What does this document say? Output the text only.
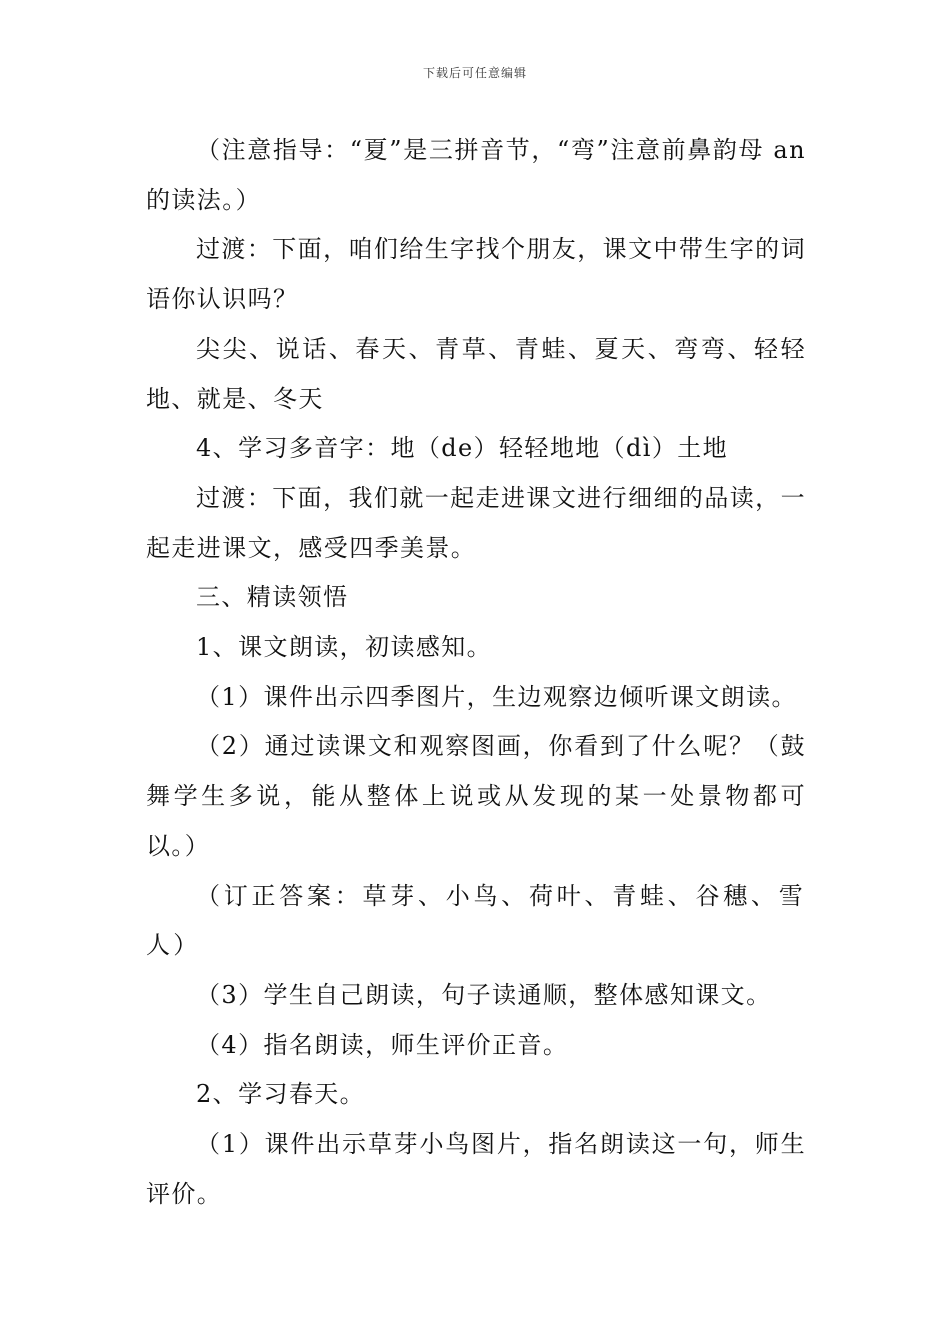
下载后可任意编辑

（注意指导：“夏”是三拼音节，“弯”注意前鼻韵母 an 的读法。）

过渡：下面，咱们给生字找个朋友，课文中带生字的词语你认识吗？

尖尖、说话、春天、青草、青蛙、夏天、弯弯、轻轻地、就是、冬天

4、学习多音字：地（de）轻轻地地（dì）土地

过渡：下面，我们就一起走进课文进行细细的品读，一起走进课文，感受四季美景。

三、精读领悟

1、课文朗读，初读感知。

（1）课件出示四季图片，生边观察边倾听课文朗读。

（2）通过读课文和观察图画，你看到了什么呢？（鼓舞学生多说，能从整体上说或从发现的某一处景物都可以。）

（订正答案：草芽、小鸟、荷叶、青蛙、谷穗、雪人）

（3）学生自己朗读，句子读通顺，整体感知课文。

（4）指名朗读，师生评价正音。

2、学习春天。

（1）课件出示草芽小鸟图片，指名朗读这一句，师生评价。
